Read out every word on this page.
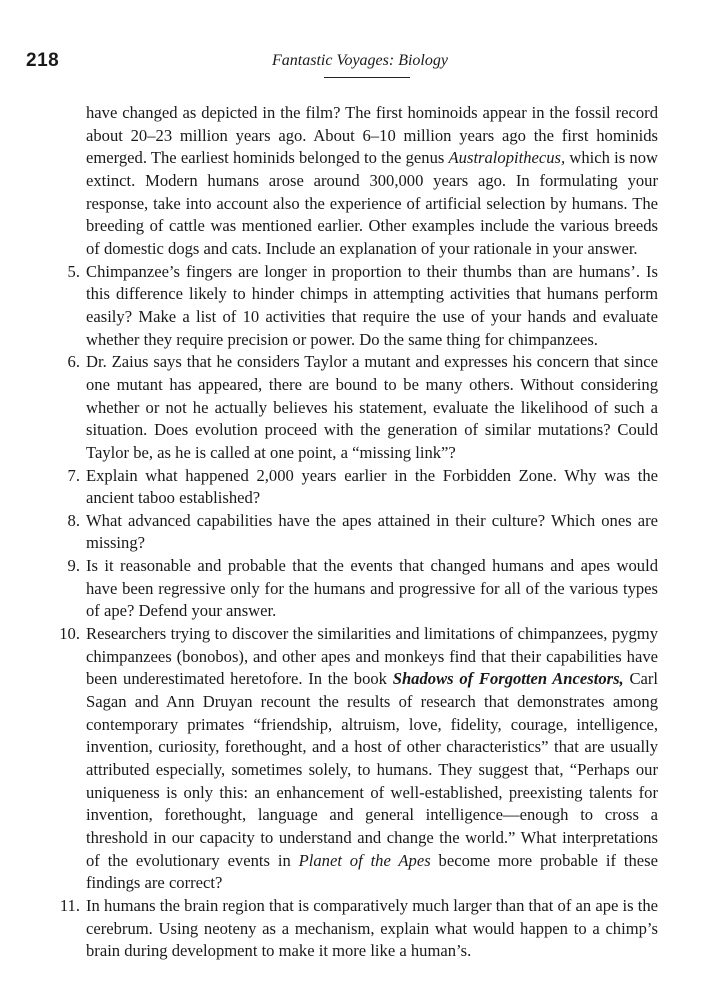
218	Fantastic Voyages: Biology

have changed as depicted in the film? The first hominoids appear in the fossil record about 20–23 million years ago. About 6–10 million years ago the first hominids emerged. The earliest hominids belonged to the genus Australopithecus, which is now extinct. Modern humans arose around 300,000 years ago. In formulating your response, take into account also the experience of artificial selection by humans. The breeding of cattle was mentioned earlier. Other examples include the various breeds of domestic dogs and cats. Include an explanation of your rationale in your answer.

5. Chimpanzee’s fingers are longer in proportion to their thumbs than are humans’. Is this difference likely to hinder chimps in attempting activities that humans perform easily? Make a list of 10 activities that require the use of your hands and evaluate whether they require precision or power. Do the same thing for chimpanzees.
6. Dr. Zaius says that he considers Taylor a mutant and expresses his concern that since one mutant has appeared, there are bound to be many others. Without considering whether or not he actually believes his statement, evaluate the likelihood of such a situation. Does evolution proceed with the generation of similar mutations? Could Taylor be, as he is called at one point, a “missing link”?
7. Explain what happened 2,000 years earlier in the Forbidden Zone. Why was the ancient taboo established?
8. What advanced capabilities have the apes attained in their culture? Which ones are missing?
9. Is it reasonable and probable that the events that changed humans and apes would have been regressive only for the humans and progressive for all of the various types of ape? Defend your answer.
10. Researchers trying to discover the similarities and limitations of chimpanzees, pygmy chimpanzees (bonobos), and other apes and monkeys find that their capabilities have been underestimated heretofore. In the book Shadows of Forgotten Ancestors, Carl Sagan and Ann Druyan recount the results of research that demonstrates among contemporary primates “friendship, altruism, love, fidelity, courage, intelligence, invention, curiosity, forethought, and a host of other characteristics” that are usually attributed especially, sometimes solely, to humans. They suggest that, “Perhaps our uniqueness is only this: an enhancement of well-established, preexisting talents for invention, forethought, language and general intelligence—enough to cross a threshold in our capacity to understand and change the world.” What interpretations of the evolutionary events in Planet of the Apes become more probable if these findings are correct?
11. In humans the brain region that is comparatively much larger than that of an ape is the cerebrum. Using neoteny as a mechanism, explain what would happen to a chimp’s brain during development to make it more like a human’s.
